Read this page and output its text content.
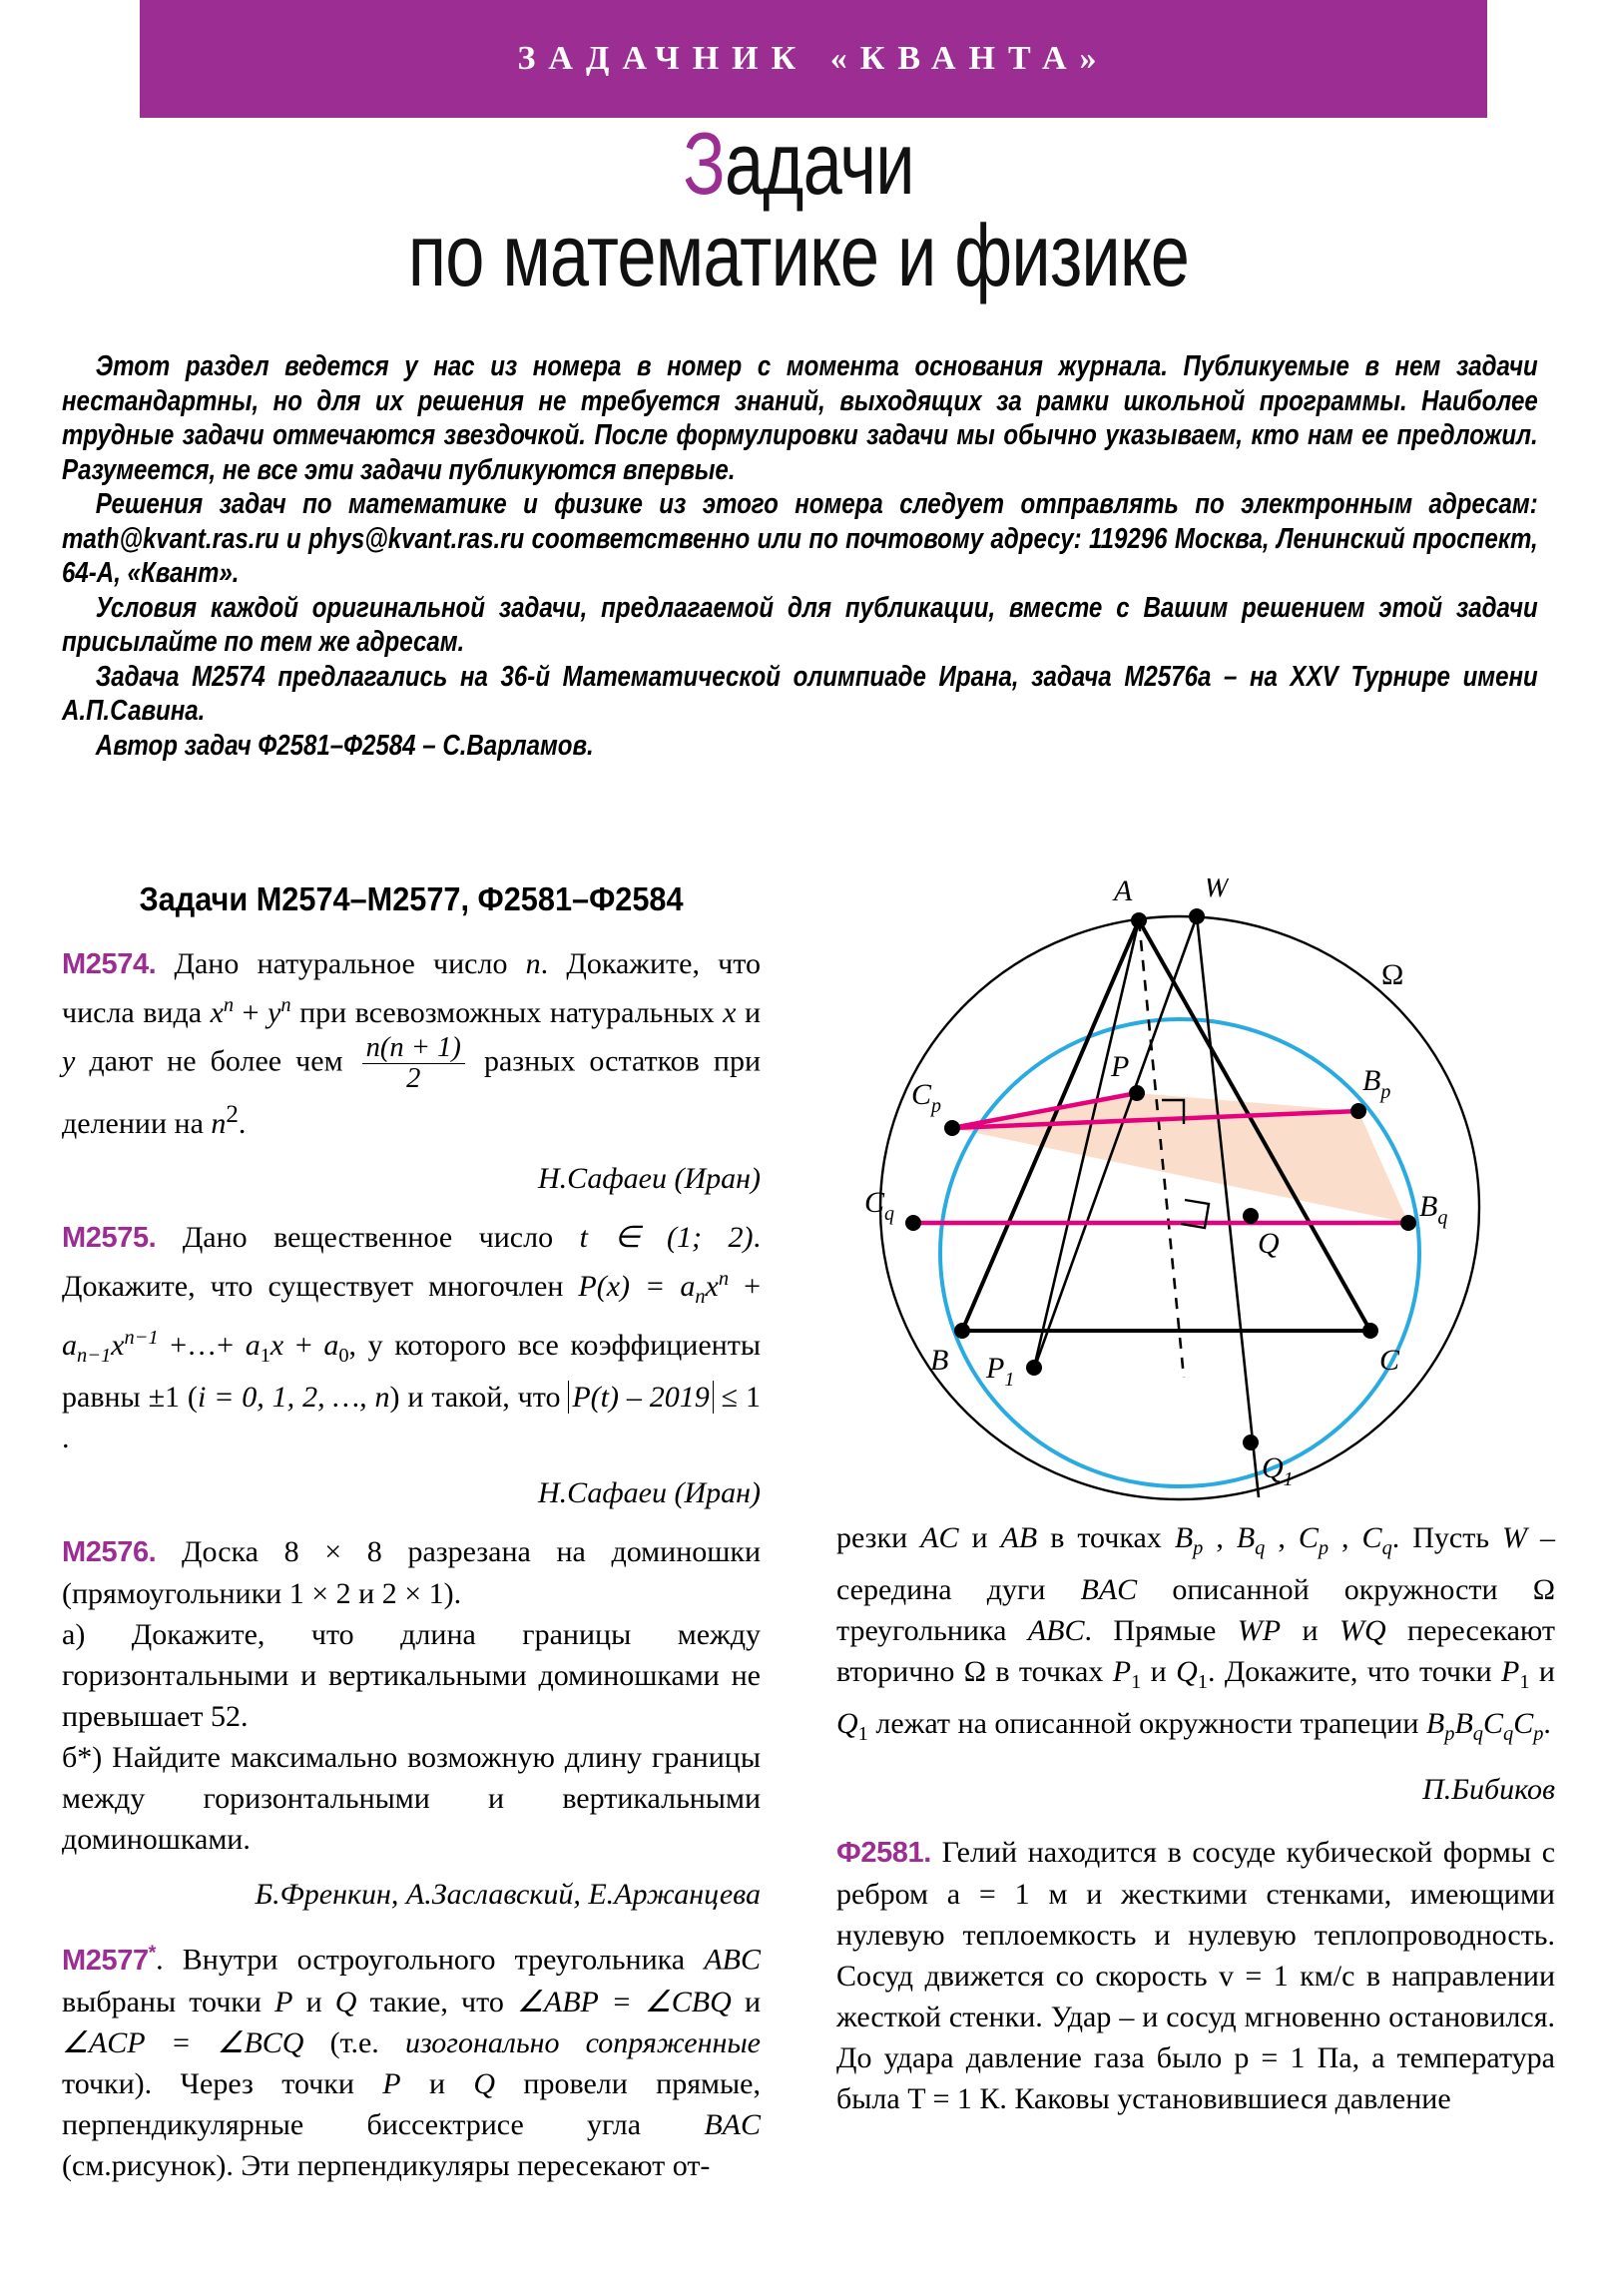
ЗАДАЧНИК «КВАНТА»
Задачи
по математике и физике

Этот раздел ведется у нас из номера в номер с момента основания журнала. Публикуемые в нем задачи нестандартны, но для их решения не требуется знаний, выходящих за рамки школьной программы. Наиболее трудные задачи отмечаются звездочкой. После формулировки задачи мы обычно указываем, кто нам ее предложил. Разумеется, не все эти задачи публикуются впервые.

Решения задач по математике и физике из этого номера следует отправлять по электронным адресам: math@kvant.ras.ru и phys@kvant.ras.ru соответственно или по почтовому адресу: 119296 Москва, Ленинский проспект, 64-А, «Квант».

Условия каждой оригинальной задачи, предлагаемой для публикации, вместе с Вашим решением этой задачи присылайте по тем же адресам.

Задача М2574 предлагались на 36-й Математической олимпиаде Ирана, задача М2576а – на XXV Турнире имени А.П.Савина.

Автор задач Ф2581–Ф2584 – С.Варламов.

Задачи М2574–М2577, Ф2581–Ф2584

М2574. Дано натуральное число n. Докажите, что числа вида $x^n + y^n$ при всевозможных натуральных x и y дают не более чем $\frac{n(n + 1)}{2}$ разных остатков при делении на $n^2$.

Н.Сафаеи (Иран)

М2575. Дано вещественное число t ∈ (1; 2). Докажите, что существует многочлен $P(x) = a_nx^n + a_{n-1}x^{n-1}$ +…+ $a_1x + a_0$, у которого все коэффициенты равны ±1 (i = 0, 1, 2, …, n) и такой, что P(t) – 2019 ≤ 1 .

Н.Сафаеи (Иран)

М2576. Доска 8 × 8 разрезана на доминошки (прямоугольники 1 × 2 и 2 × 1).

а) Докажите, что длина границы между горизонтальными и вертикальными доминошками не превышает 52.

б*) Найдите максимально возможную длину границы между горизонтальными и вертикальными доминошками.

Б.Френкин, А.Заславский, Е.Аржанцева

М2577*. Внутри остроугольного треугольника ABC выбраны точки P и Q такие, что ∠ABP = ∠CBQ и ∠ACP = ∠BCQ (т.е. изогонально сопряженные точки). Через точки P и Q провели прямые, перпендикулярные биссектрисе угла BAC (см.рисунок). Эти перпендикуляры пересекают от-

A W
Ω
$C_p$
P	$B_p$
$C_q$
Q
$B_q$
B	C
$P_1$
$Q_1$

резки AC и AB в точках $B_p$ , $B_q$ , $C_p$ , $C_q$. Пусть W – середина дуги BAC описанной окружности Ω треугольника ABC. Прямые WP и WQ пересекают вторично Ω в точках $P_1$ и $Q_1$. Докажите, что точки $P_1$ и $Q_1$ лежат на описанной окружности трапеции $B_pB_qC_qC_p$.

П.Бибиков

Ф2581. Гелий находится в сосуде кубической формы с ребром a = 1 м и жесткими стенками, имеющими нулевую теплоемкость и нулевую теплопроводность. Сосуд движется со скорость v = 1 км/с в направлении жесткой стенки. Удар – и сосуд мгновенно остановился. До удара давление газа было p = 1 Па, а температура была T = 1 К. Каковы установившиеся давление
